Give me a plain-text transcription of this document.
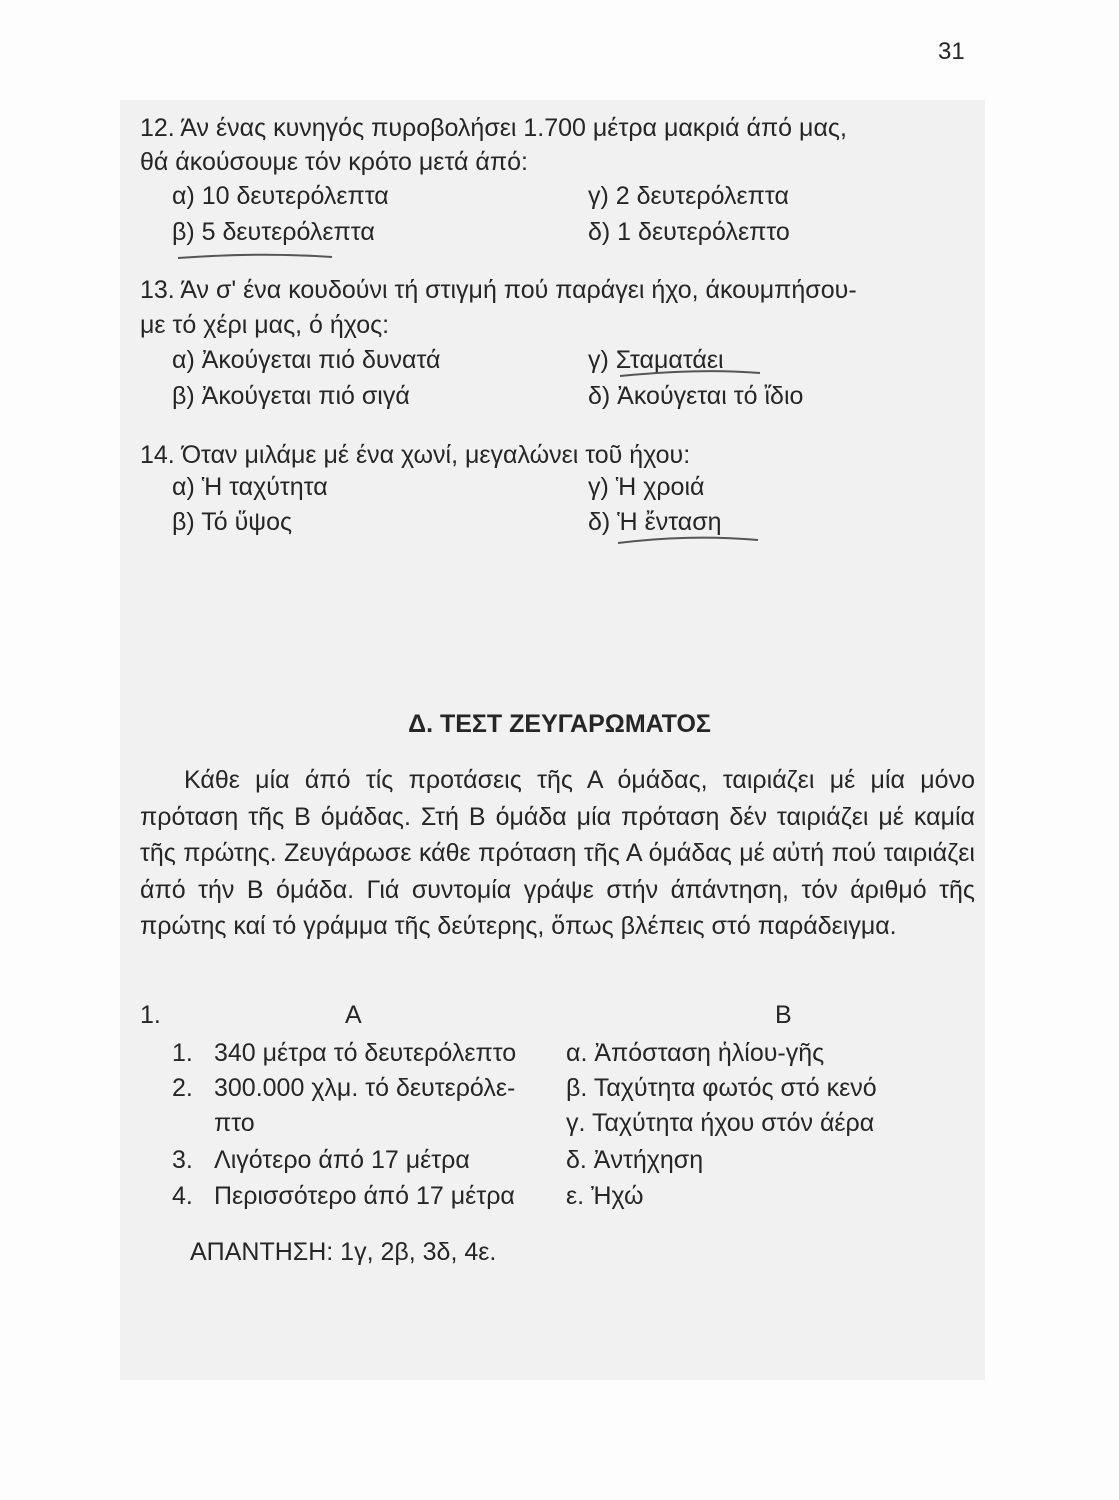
31
12. Άν ένας κυνηγός πυροβολήσει 1.700 μέτρα μακριά άπό μας,
θά άκούσουμε τόν κρότο μετά άπό:
α) 10 δευτερόλεπτα
β) 5 δευτερόλεπτα
γ) 2 δευτερόλεπτα
δ) 1 δευτερόλεπτο
13. Άν σ' ένα κουδούνι τή στιγμή πού παράγει ήχο, άκουμπήσου-
με τό χέρι μας, ό ήχος:
α) Ἀκούγεται πιό δυνατά
β) Ἀκούγεται πιό σιγά
γ) Σταματάει
δ) Ἀκούγεται τό ἴδιο
14. Όταν μιλάμε μέ ένα χωνί, μεγαλώνει τοῦ ήχου:
α) Ἡ ταχύτητα
β) Τό ὕψος
γ) Ἡ χροιά
δ) Ἡ ἔνταση
Δ. ΤΕΣΤ ΖΕΥΓΑΡΩΜΑΤΟΣ
Κάθε μία άπό τίς προτάσεις τῆς Α όμάδας, ταιριάζει μέ μία μόνο πρόταση τῆς Β όμάδας. Στή Β όμάδα μία πρόταση δέν ταιριάζει μέ καμία τῆς πρώτης. Ζευγάρωσε κάθε πρόταση τῆς Α όμάδας μέ αὐτή πού ταιριάζει άπό τήν Β όμάδα. Γιά συντομία γράψε στήν άπάντηση, τόν άριθμό τῆς πρώτης καί τό γράμμα τῆς δεύτερης, ὅπως βλέπεις στό παράδειγμα.
1.	Α	Β
1. 340 μέτρα τό δευτερόλεπτο
2. 300.000 χλμ. τό δευτερόλε-
πτο
3. Λιγότερο άπό 17 μέτρα
4. Περισσότερο άπό 17 μέτρα
α. Ἀπόσταση ἡλίου-γῆς
β. Ταχύτητα φωτός στό κενό
γ. Ταχύτητα ήχου στόν άέρα
δ. Ἀντήχηση
ε. Ἠχώ
ΑΠΑΝΤΗΣΗ: 1γ, 2β, 3δ, 4ε.
